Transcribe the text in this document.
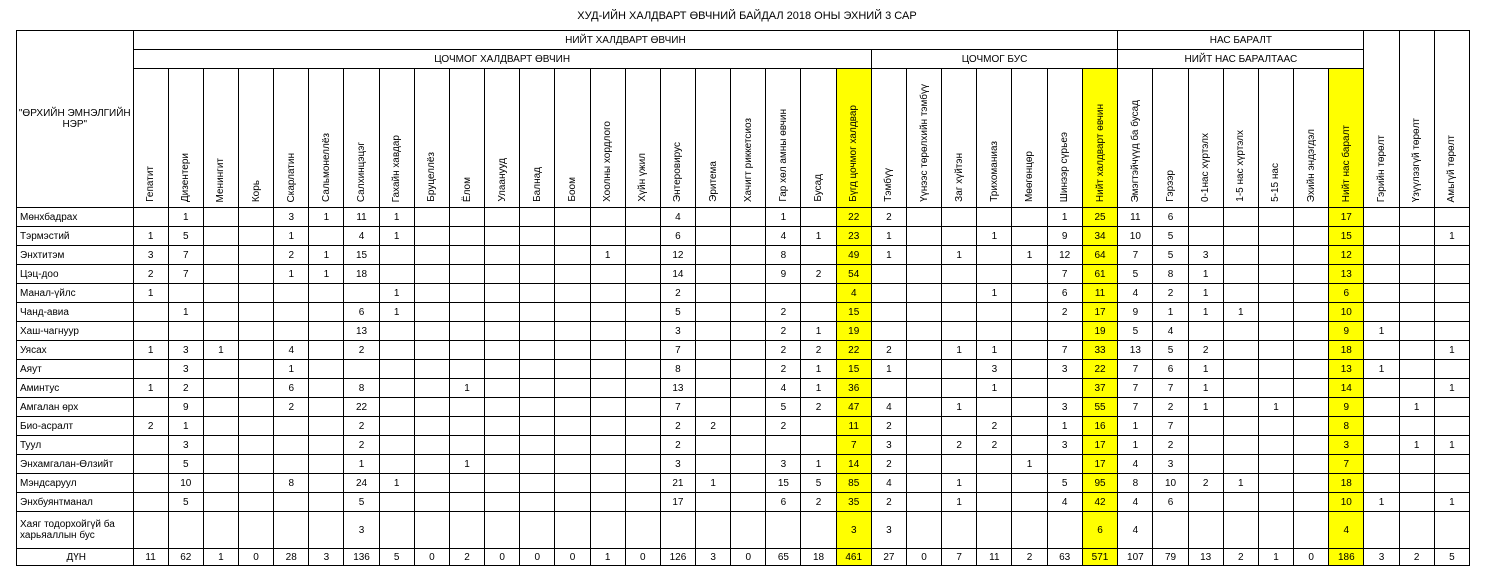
ХУД-ИЙН ХАЛДВАРТ ӨВЧНИЙ БАЙДАЛ 2018 ОНЫ ЭХНИЙ 3 САР
"ӨРХИЙН ЭМНЭЛГИЙН НЭР"	НИЙТ ХАЛДВАРТ ӨВЧИН																												НАС БАРАЛТ							Гэрийн төрөлт	Үзүүлэзгүй төрөлт	Амьгүй төрөлт
	ЦОЧМОГ ХАЛДВАРТ ӨВЧИН																					ЦОЧМОГ БУС							НИЙТ НАС БАРАЛТААС									
	Гепатит	Дизентери	Менингит	Корь	Скарлатин	Сальмонеллёз	Салхинцэцэг	Гахайн хавдар	Бруцеллёз	Ёлом	Улаанууд	Балнад	Боом	Хоолны хордлого	Хүйн үжил	Энтеровирус	Эритема	Хачигт риккетсиоз	Гар хөл амны өвчин	Бусад	Бүгд цочмог халдвар	Тэмбүү	Үүнээс төрөлхийн тэмбүү	Заг хүйтэн	Трихоманиаз	Мөөгөнцөр	Шинээр сүрьеэ	Нийт халдварт өвчин	Эмэгтэйчүүд ба бусад	Гэрээр	0-1нас хүртэлх	1-5 нас хүртэлх	5-15 нас	Эхийн эндэгдэл	Нийт нас баралт			
Мөнхбадрах		1			3	1	11	1								4			1		22	2					1	25	11	6					17			
Тэрмэстий	1	5			1		4	1								6			4	1	23	1			1		9	34	10	5					15			1
Энхтитэм	3	7			2	1	15							1		12			8		49	1		1		1	12	64	7	5	3				12			
Цэц-доо	2	7			1	1	18									14			9	2	54						7	61	5	8	1				13			
Манал-үйлс	1							1								2					4				1		6	11	4	2	1				6			
Чанд-авиа		1					6	1								5			2		15						2	17	9	1	1	1			10			
Хаш-чагнуур							13									3			2	1	19							19	5	4					9	1		
Уясах	1	3	1		4		2									7			2	2	22	2		1	1		7	33	13	5	2				18			1
Аяут		3			1											8			2	1	15	1			3		3	22	7	6	1				13	1		
Аминтус	1	2			6		8			1						13			4	1	36				1			37	7	7	1				14			1
Амгалан өрх		9			2		22									7			5	2	47	4		1			3	55	7	2	1		1		9		1	
Био-асралт	2	1					2									2	2		2		11	2			2		1	16	1	7					8			
Туул		3					2									2					7	3		2	2		3	17	1	2					3		1	1
Энхамгалан-Өлзийт		5					1			1						3			3	1	14	2				1		17	4	3					7			
Мэндсаруул		10			8		24	1								21	1		15	5	85	4		1			5	95	8	10	2	1			18			
Энхбуянтманал		5					5									17			6	2	35	2		1			4	42	4	6					10	1		1
Хаяг тодорхойгүй ба харьяаллын бус							3														3	3						6	4						4			
ДҮН	11	62	1	0	28	3	136	5	0	2	0	0	0	1	0	126	3	0	65	18	461	27	0	7	11	2	63	571	107	79	13	2	1	0	186	3	2	5
